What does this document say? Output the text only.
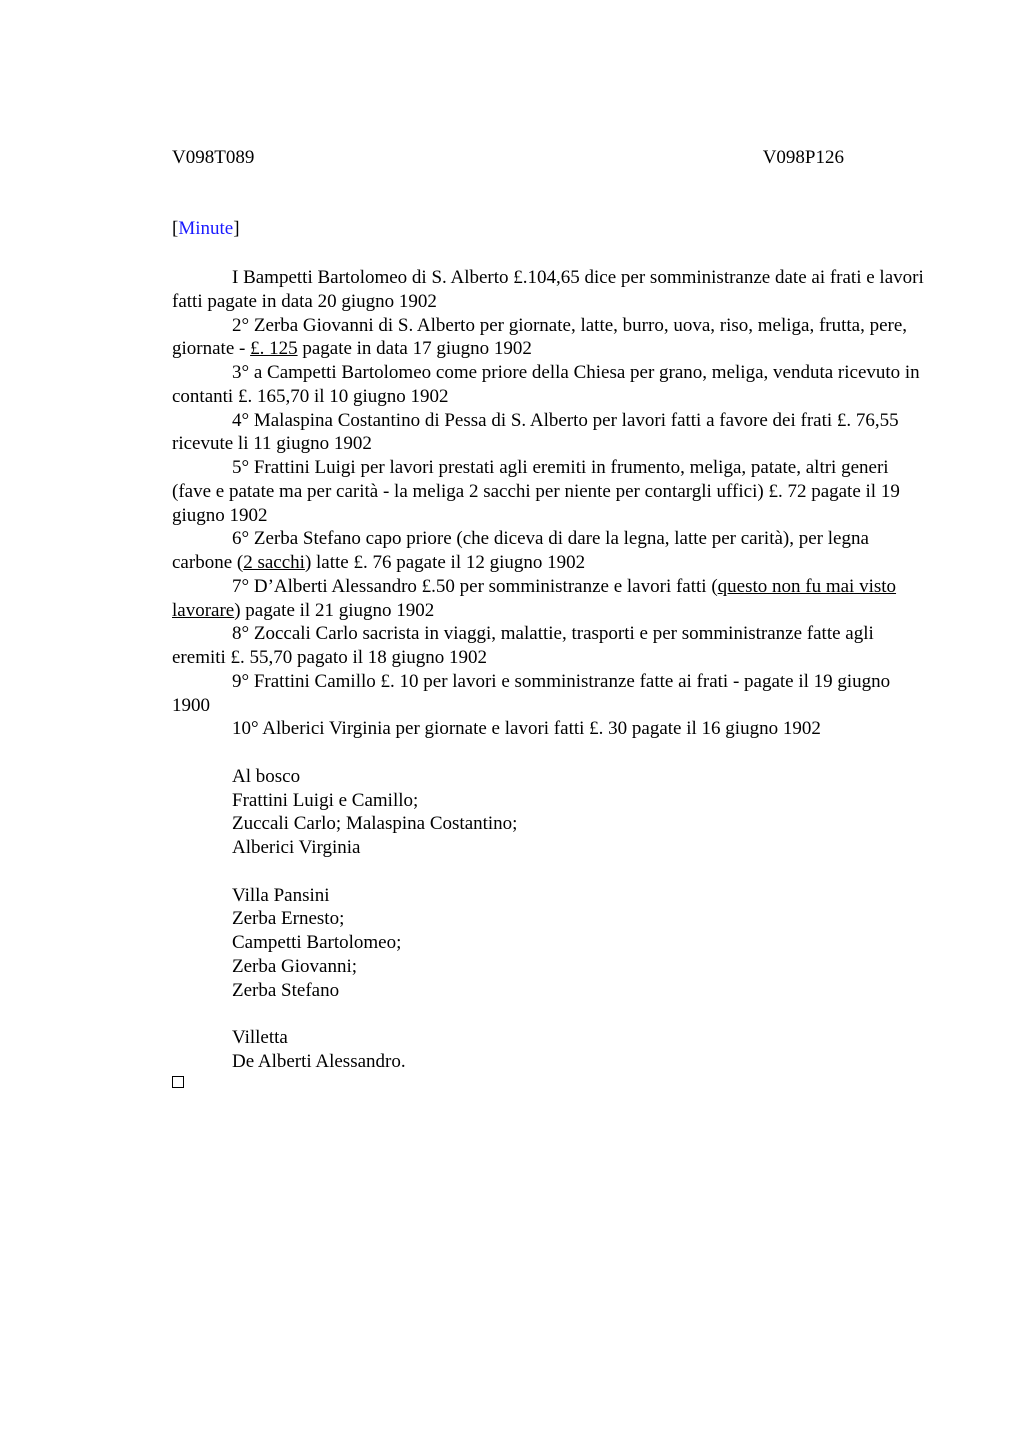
V098T089	V098P126
[Minute]

I Bampetti Bartolomeo di S. Alberto £.104,65 dice per somministranze date ai frati e lavori fatti pagate in data 20 giugno 1902

2° Zerba Giovanni di S. Alberto per giornate, latte, burro, uova, riso, meliga, frutta, pere, giornate - £. 125 pagate in data 17 giugno 1902

3° a Campetti Bartolomeo come priore della Chiesa per grano, meliga, venduta ricevuto in contanti £. 165,70 il 10 giugno 1902

4° Malaspina Costantino di Pessa di S. Alberto per lavori fatti a favore dei frati £. 76,55 ricevute li 11 giugno 1902

5° Frattini Luigi per lavori prestati agli eremiti in frumento, meliga, patate, altri generi (fave e patate ma per carità - la meliga 2 sacchi per niente per contargli uffici) £. 72 pagate il 19 giugno 1902

6° Zerba Stefano capo priore (che diceva di dare la legna, latte per carità), per legna carbone (2 sacchi) latte £. 76 pagate il 12 giugno 1902

7° D’Alberti Alessandro £.50 per somministranze e lavori fatti (questo non fu mai visto lavorare) pagate il 21 giugno 1902

8° Zoccali Carlo sacrista in viaggi, malattie, trasporti e per somministranze fatte agli eremiti £. 55,70 pagato il 18 giugno 1902

9° Frattini Camillo £. 10 per lavori e somministranze fatte ai frati - pagate il 19 giugno 1900

10° Alberici Virginia per giornate e lavori fatti £. 30 pagate il 16 giugno 1902

Al bosco
Frattini Luigi e Camillo;
Zuccali Carlo; Malaspina Costantino;
Alberici Virginia
Villa Pansini
Zerba Ernesto;
Campetti Bartolomeo;
Zerba Giovanni;
Zerba Stefano
Villetta
De Alberti Alessandro.
